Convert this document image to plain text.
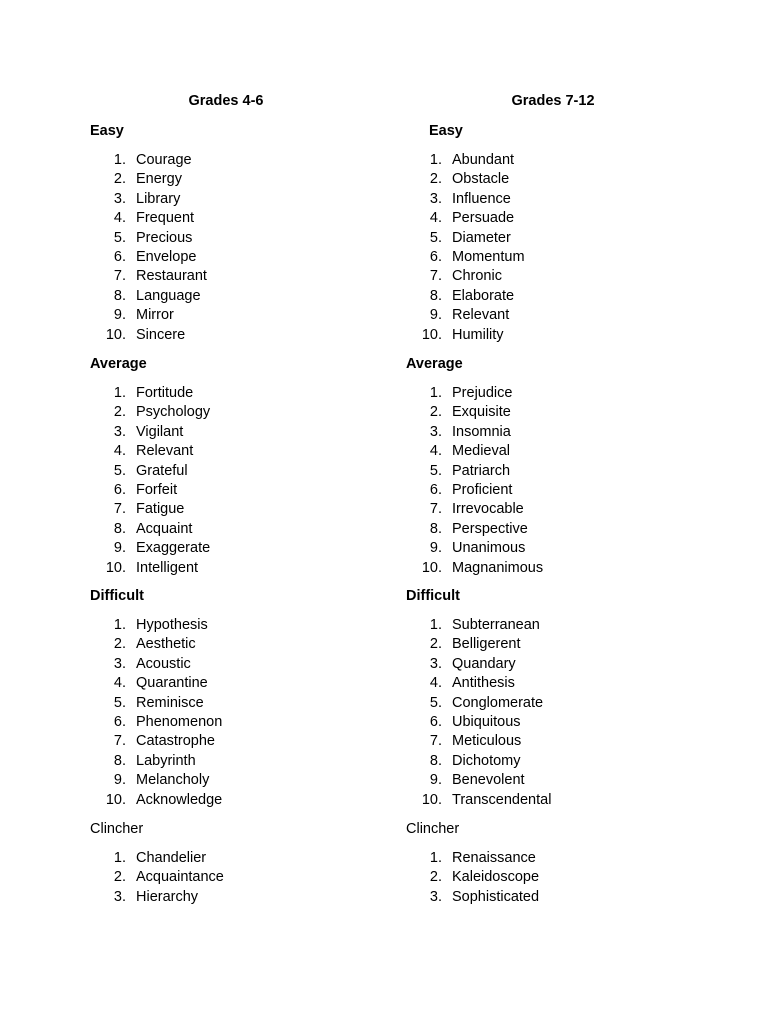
Grades 4-6
Easy
1. Courage
2. Energy
3. Library
4. Frequent
5. Precious
6. Envelope
7. Restaurant
8. Language
9. Mirror
10. Sincere
Average
1. Fortitude
2. Psychology
3. Vigilant
4. Relevant
5. Grateful
6. Forfeit
7. Fatigue
8. Acquaint
9. Exaggerate
10. Intelligent
Difficult
1. Hypothesis
2. Aesthetic
3. Acoustic
4. Quarantine
5. Reminisce
6. Phenomenon
7. Catastrophe
8. Labyrinth
9. Melancholy
10. Acknowledge
Clincher
1. Chandelier
2. Acquaintance
3. Hierarchy
Grades 7-12
Easy
1. Abundant
2. Obstacle
3. Influence
4. Persuade
5. Diameter
6. Momentum
7. Chronic
8. Elaborate
9. Relevant
10. Humility
Average
1. Prejudice
2. Exquisite
3. Insomnia
4. Medieval
5. Patriarch
6. Proficient
7. Irrevocable
8. Perspective
9. Unanimous
10. Magnanimous
Difficult
1. Subterranean
2. Belligerent
3. Quandary
4. Antithesis
5. Conglomerate
6. Ubiquitous
7. Meticulous
8. Dichotomy
9. Benevolent
10. Transcendental
Clincher
1. Renaissance
2. Kaleidoscope
3. Sophisticated
